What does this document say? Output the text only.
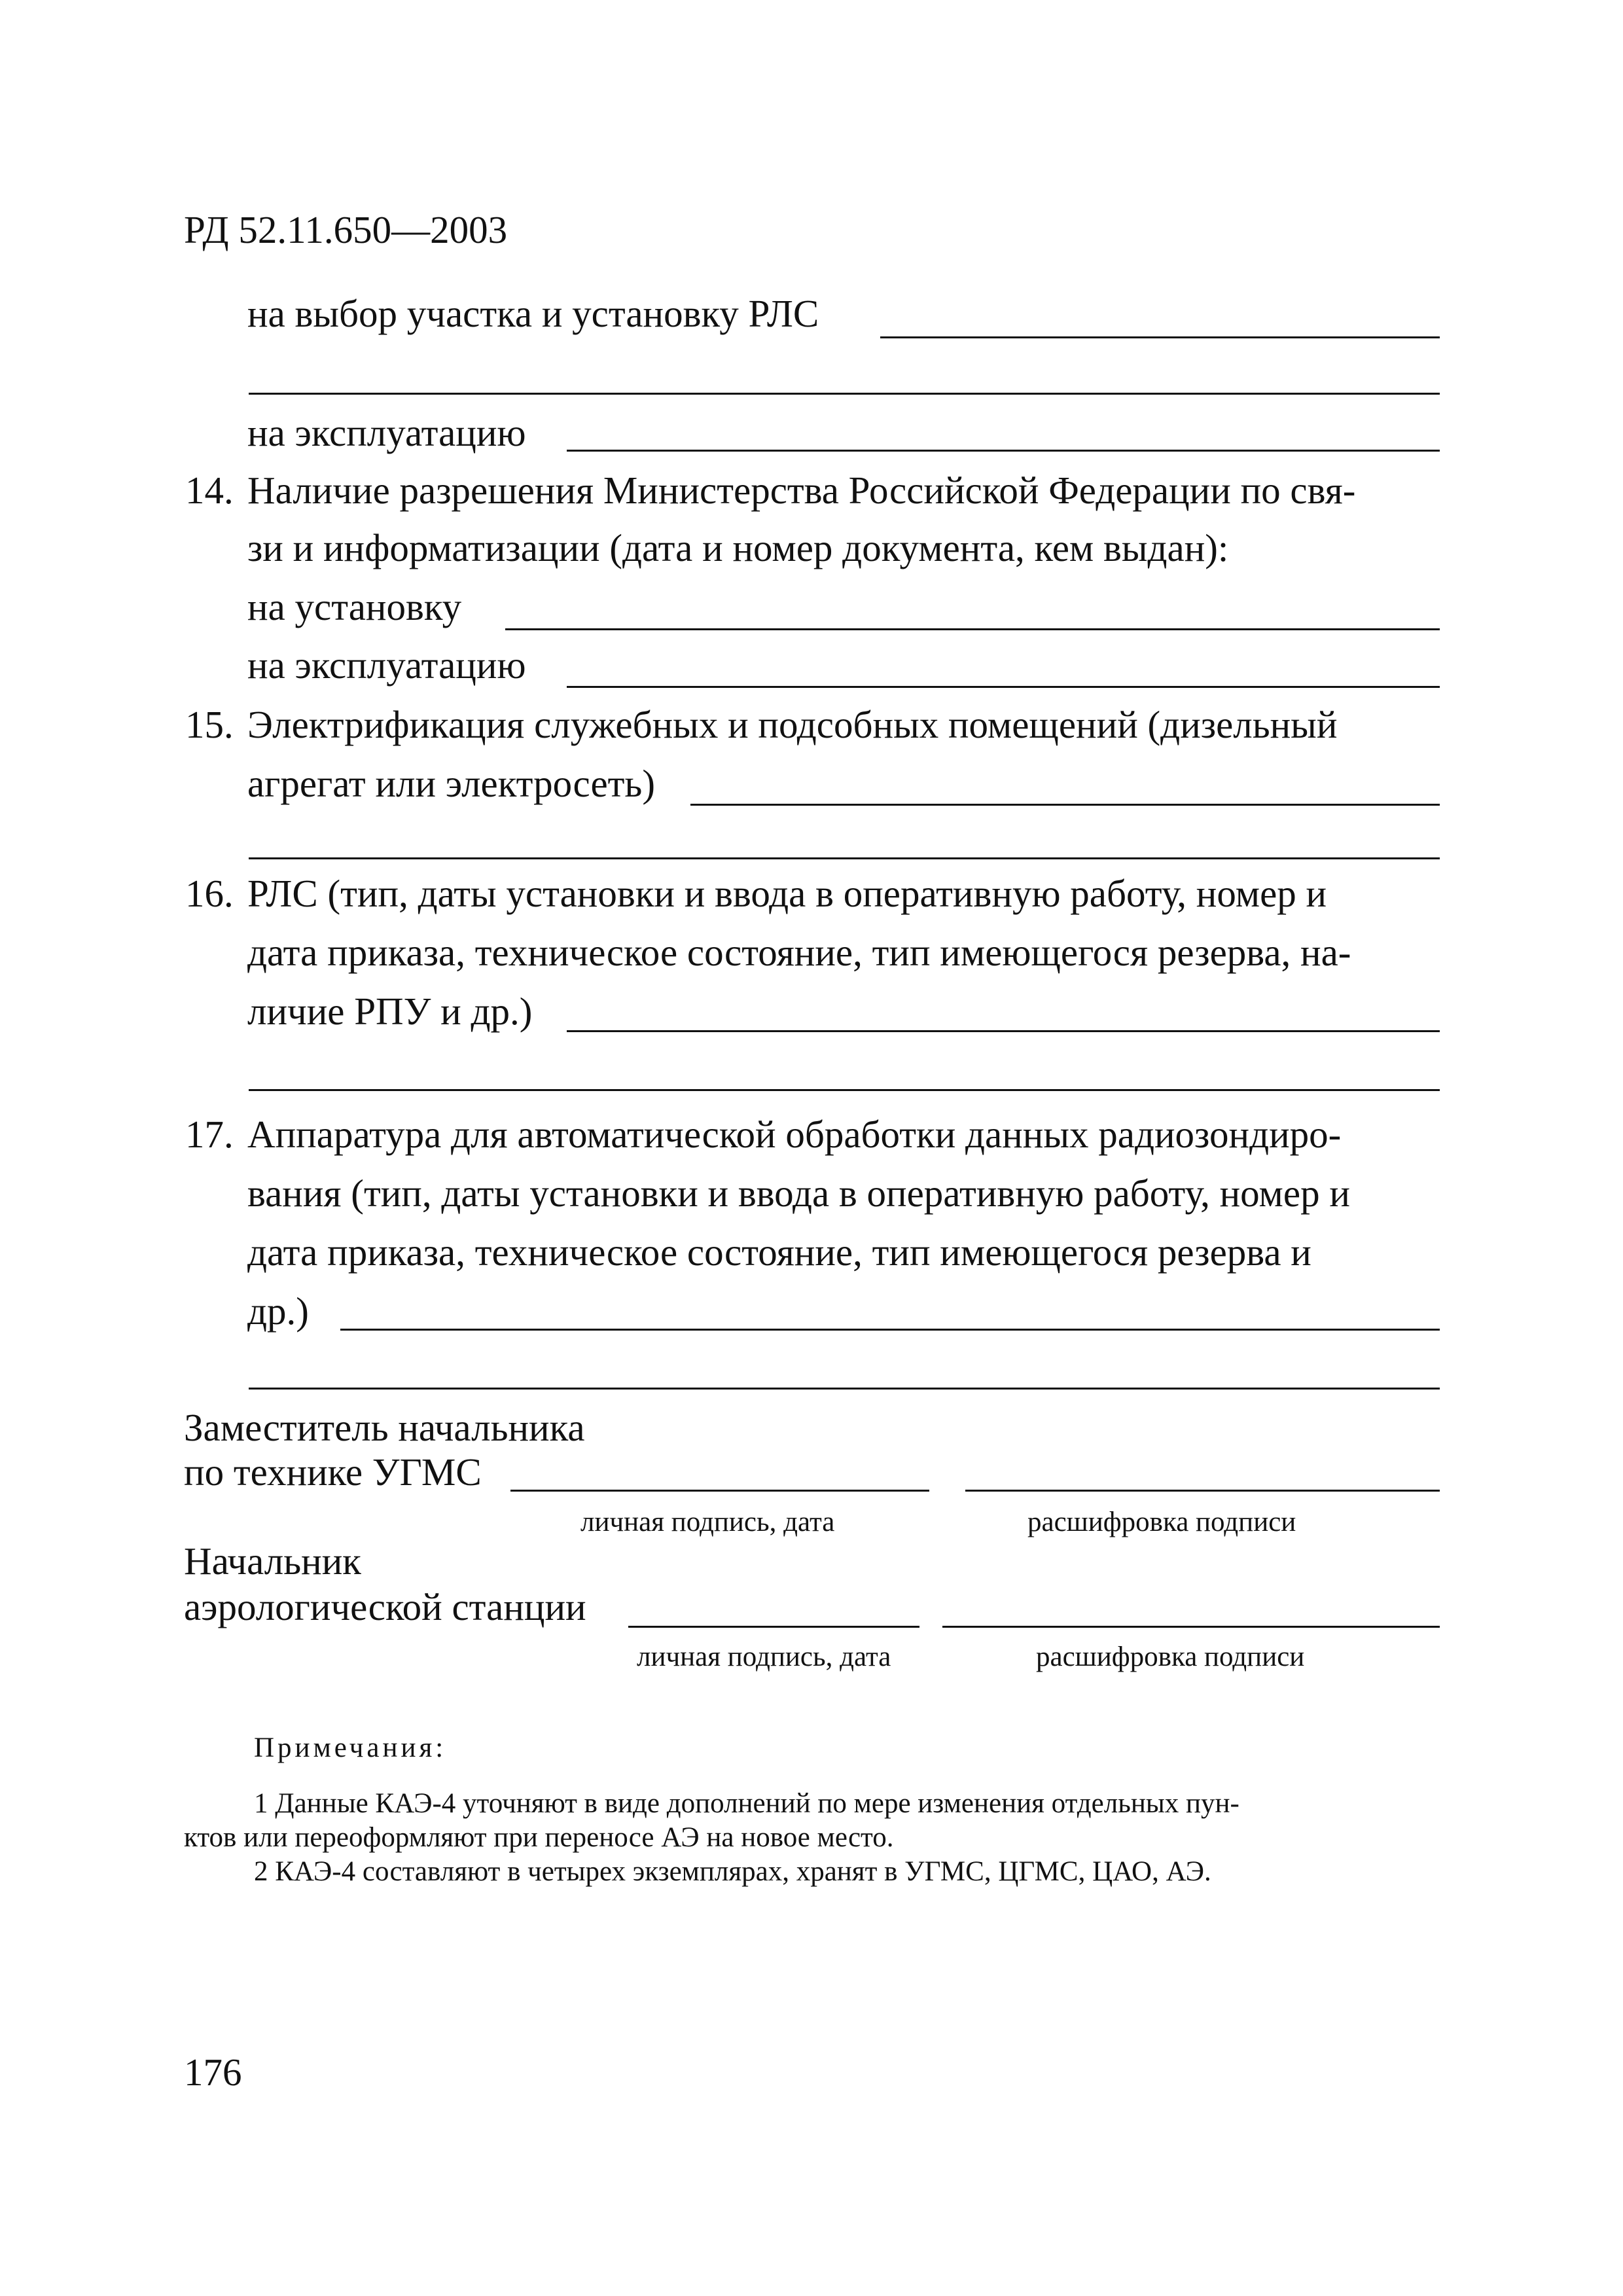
РД 52.11.650—2003
на выбор участка и установку РЛС
на эксплуатацию
14. Наличие разрешения Министерства Российской Федерации по свя-
зи и информатизации (дата и номер документа, кем выдан):
на установку
на эксплуатацию
15. Электрификация служебных и подсобных помещений (дизельный
агрегат или электросеть)
16. РЛС (тип, даты установки и ввода в оперативную работу, номер и
дата приказа, техническое состояние, тип имеющегося резерва, на-
личие РПУ и др.)
17. Аппаратура для автоматической обработки данных радиозондиро-
вания (тип, даты установки и ввода в оперативную работу, номер и
дата приказа, техническое состояние, тип имеющегося резерва и
др.)
Заместитель начальника
по технике УГМС
личная подпись, дата	расшифровка подписи
Начальник
аэрологической станции
личная подпись, дата	расшифровка подписи
Примечания:
1 Данные КАЭ-4 уточняют в виде дополнений по мере изменения отдельных пун-
ктов или переоформляют при переносе АЭ на новое место.
2 КАЭ-4 составляют в четырех экземплярах, хранят в УГМС, ЦГМС, ЦАО, АЭ.
176
